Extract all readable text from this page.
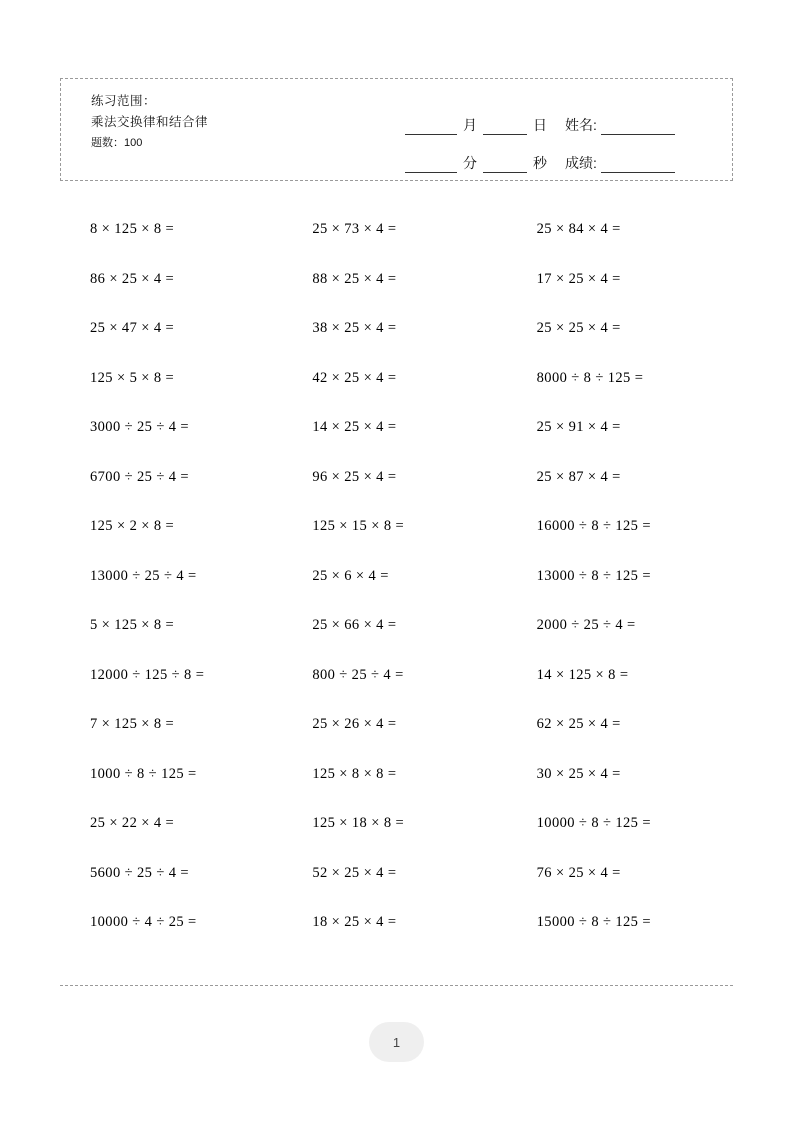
练习范围：
乘法交换律和结合律
题数：100
月	日	姓名:
分	秒	成绩:
8 × 125 × 8 =	25 × 73 × 4 =	25 × 84 × 4 =
86 × 25 × 4 =	88 × 25 × 4 =	17 × 25 × 4 =
25 × 47 × 4 =	38 × 25 × 4 =	25 × 25 × 4 =
125 × 5 × 8 =	42 × 25 × 4 =	8000 ÷ 8 ÷ 125 =
3000 ÷ 25 ÷ 4 =	14 × 25 × 4 =	25 × 91 × 4 =
6700 ÷ 25 ÷ 4 =	96 × 25 × 4 =	25 × 87 × 4 =
125 × 2 × 8 =	125 × 15 × 8 =	16000 ÷ 8 ÷ 125 =
13000 ÷ 25 ÷ 4 =	25 × 6 × 4 =	13000 ÷ 8 ÷ 125 =
5 × 125 × 8 =	25 × 66 × 4 =	2000 ÷ 25 ÷ 4 =
12000 ÷ 125 ÷ 8 =	800 ÷ 25 ÷ 4 =	14 × 125 × 8 =
7 × 125 × 8 =	25 × 26 × 4 =	62 × 25 × 4 =
1000 ÷ 8 ÷ 125 =	125 × 8 × 8 =	30 × 25 × 4 =
25 × 22 × 4 =	125 × 18 × 8 =	10000 ÷ 8 ÷ 125 =
5600 ÷ 25 ÷ 4 =	52 × 25 × 4 =	76 × 25 × 4 =
10000 ÷ 4 ÷ 25 =	18 × 25 × 4 =	15000 ÷ 8 ÷ 125 =
1
